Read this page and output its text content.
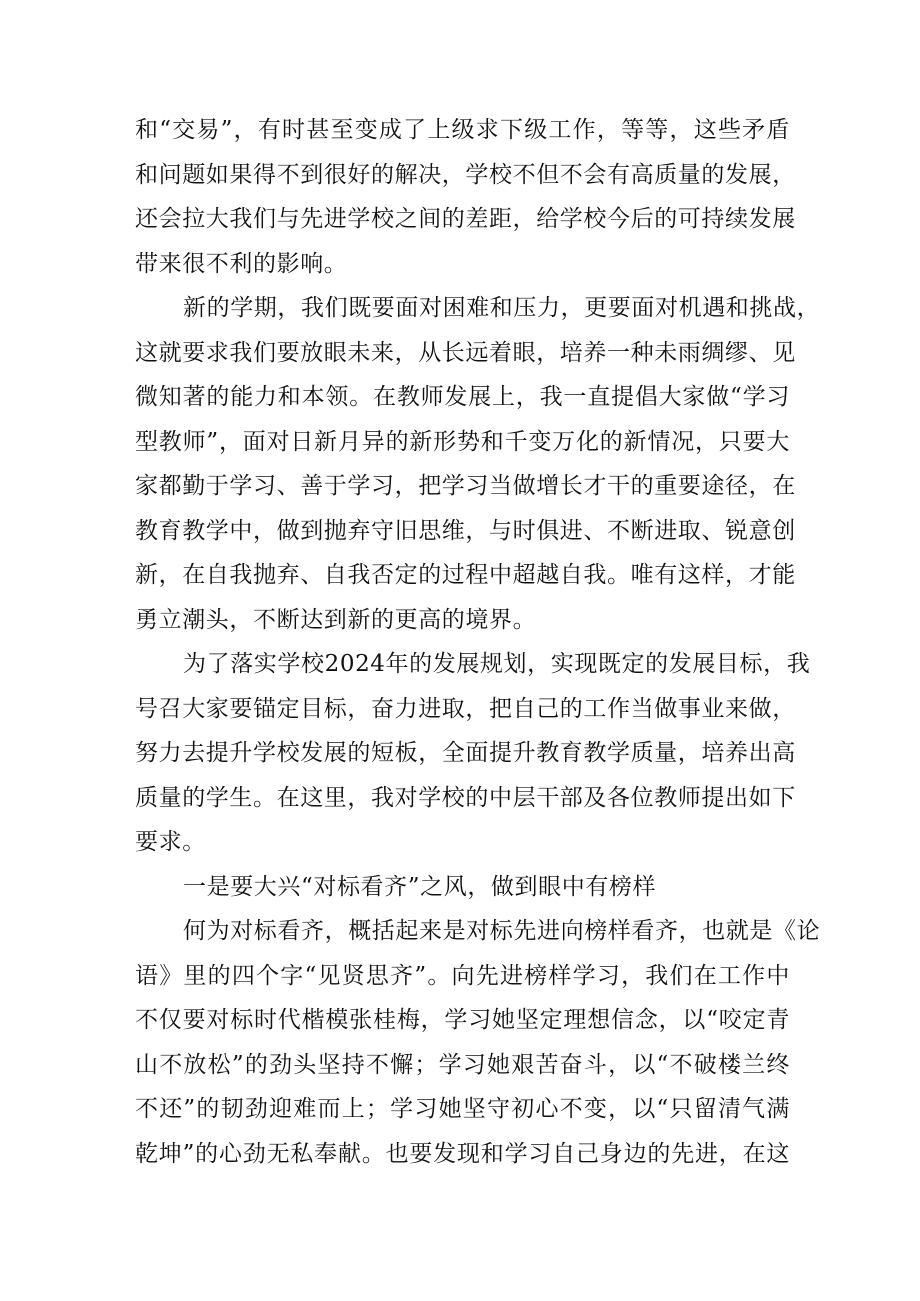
和“交易”，有时甚至变成了上级求下级工作，等等，这些矛盾
和问题如果得不到很好的解决，学校不但不会有高质量的发展，
还会拉大我们与先进学校之间的差距，给学校今后的可持续发展
带来很不利的影响。
新的学期，我们既要面对困难和压力，更要面对机遇和挑战，
这就要求我们要放眼未来，从长远着眼，培养一种未雨绸缪、见
微知著的能力和本领。在教师发展上，我一直提倡大家做“学习
型教师”，面对日新月异的新形势和千变万化的新情况，只要大
家都勤于学习、善于学习，把学习当做增长才干的重要途径，在
教育教学中，做到抛弃守旧思维，与时俱进、不断进取、锐意创
新，在自我抛弃、自我否定的过程中超越自我。唯有这样，才能
勇立潮头，不断达到新的更高的境界。
为了落实学校2024年的发展规划，实现既定的发展目标，我
号召大家要锚定目标，奋力进取，把自己的工作当做事业来做，
努力去提升学校发展的短板，全面提升教育教学质量，培养出高
质量的学生。在这里，我对学校的中层干部及各位教师提出如下
要求。
一是要大兴“对标看齐”之风，做到眼中有榜样
何为对标看齐，概括起来是对标先进向榜样看齐，也就是《论
语》里的四个字“见贤思齐”。向先进榜样学习，我们在工作中
不仅要对标时代楷模张桂梅，学习她坚定理想信念，以“咬定青
山不放松”的劲头坚持不懈；学习她艰苦奋斗，以“不破楼兰终
不还”的韧劲迎难而上；学习她坚守初心不变，以“只留清气满
乾坤”的心劲无私奉献。也要发现和学习自己身边的先进，在这
